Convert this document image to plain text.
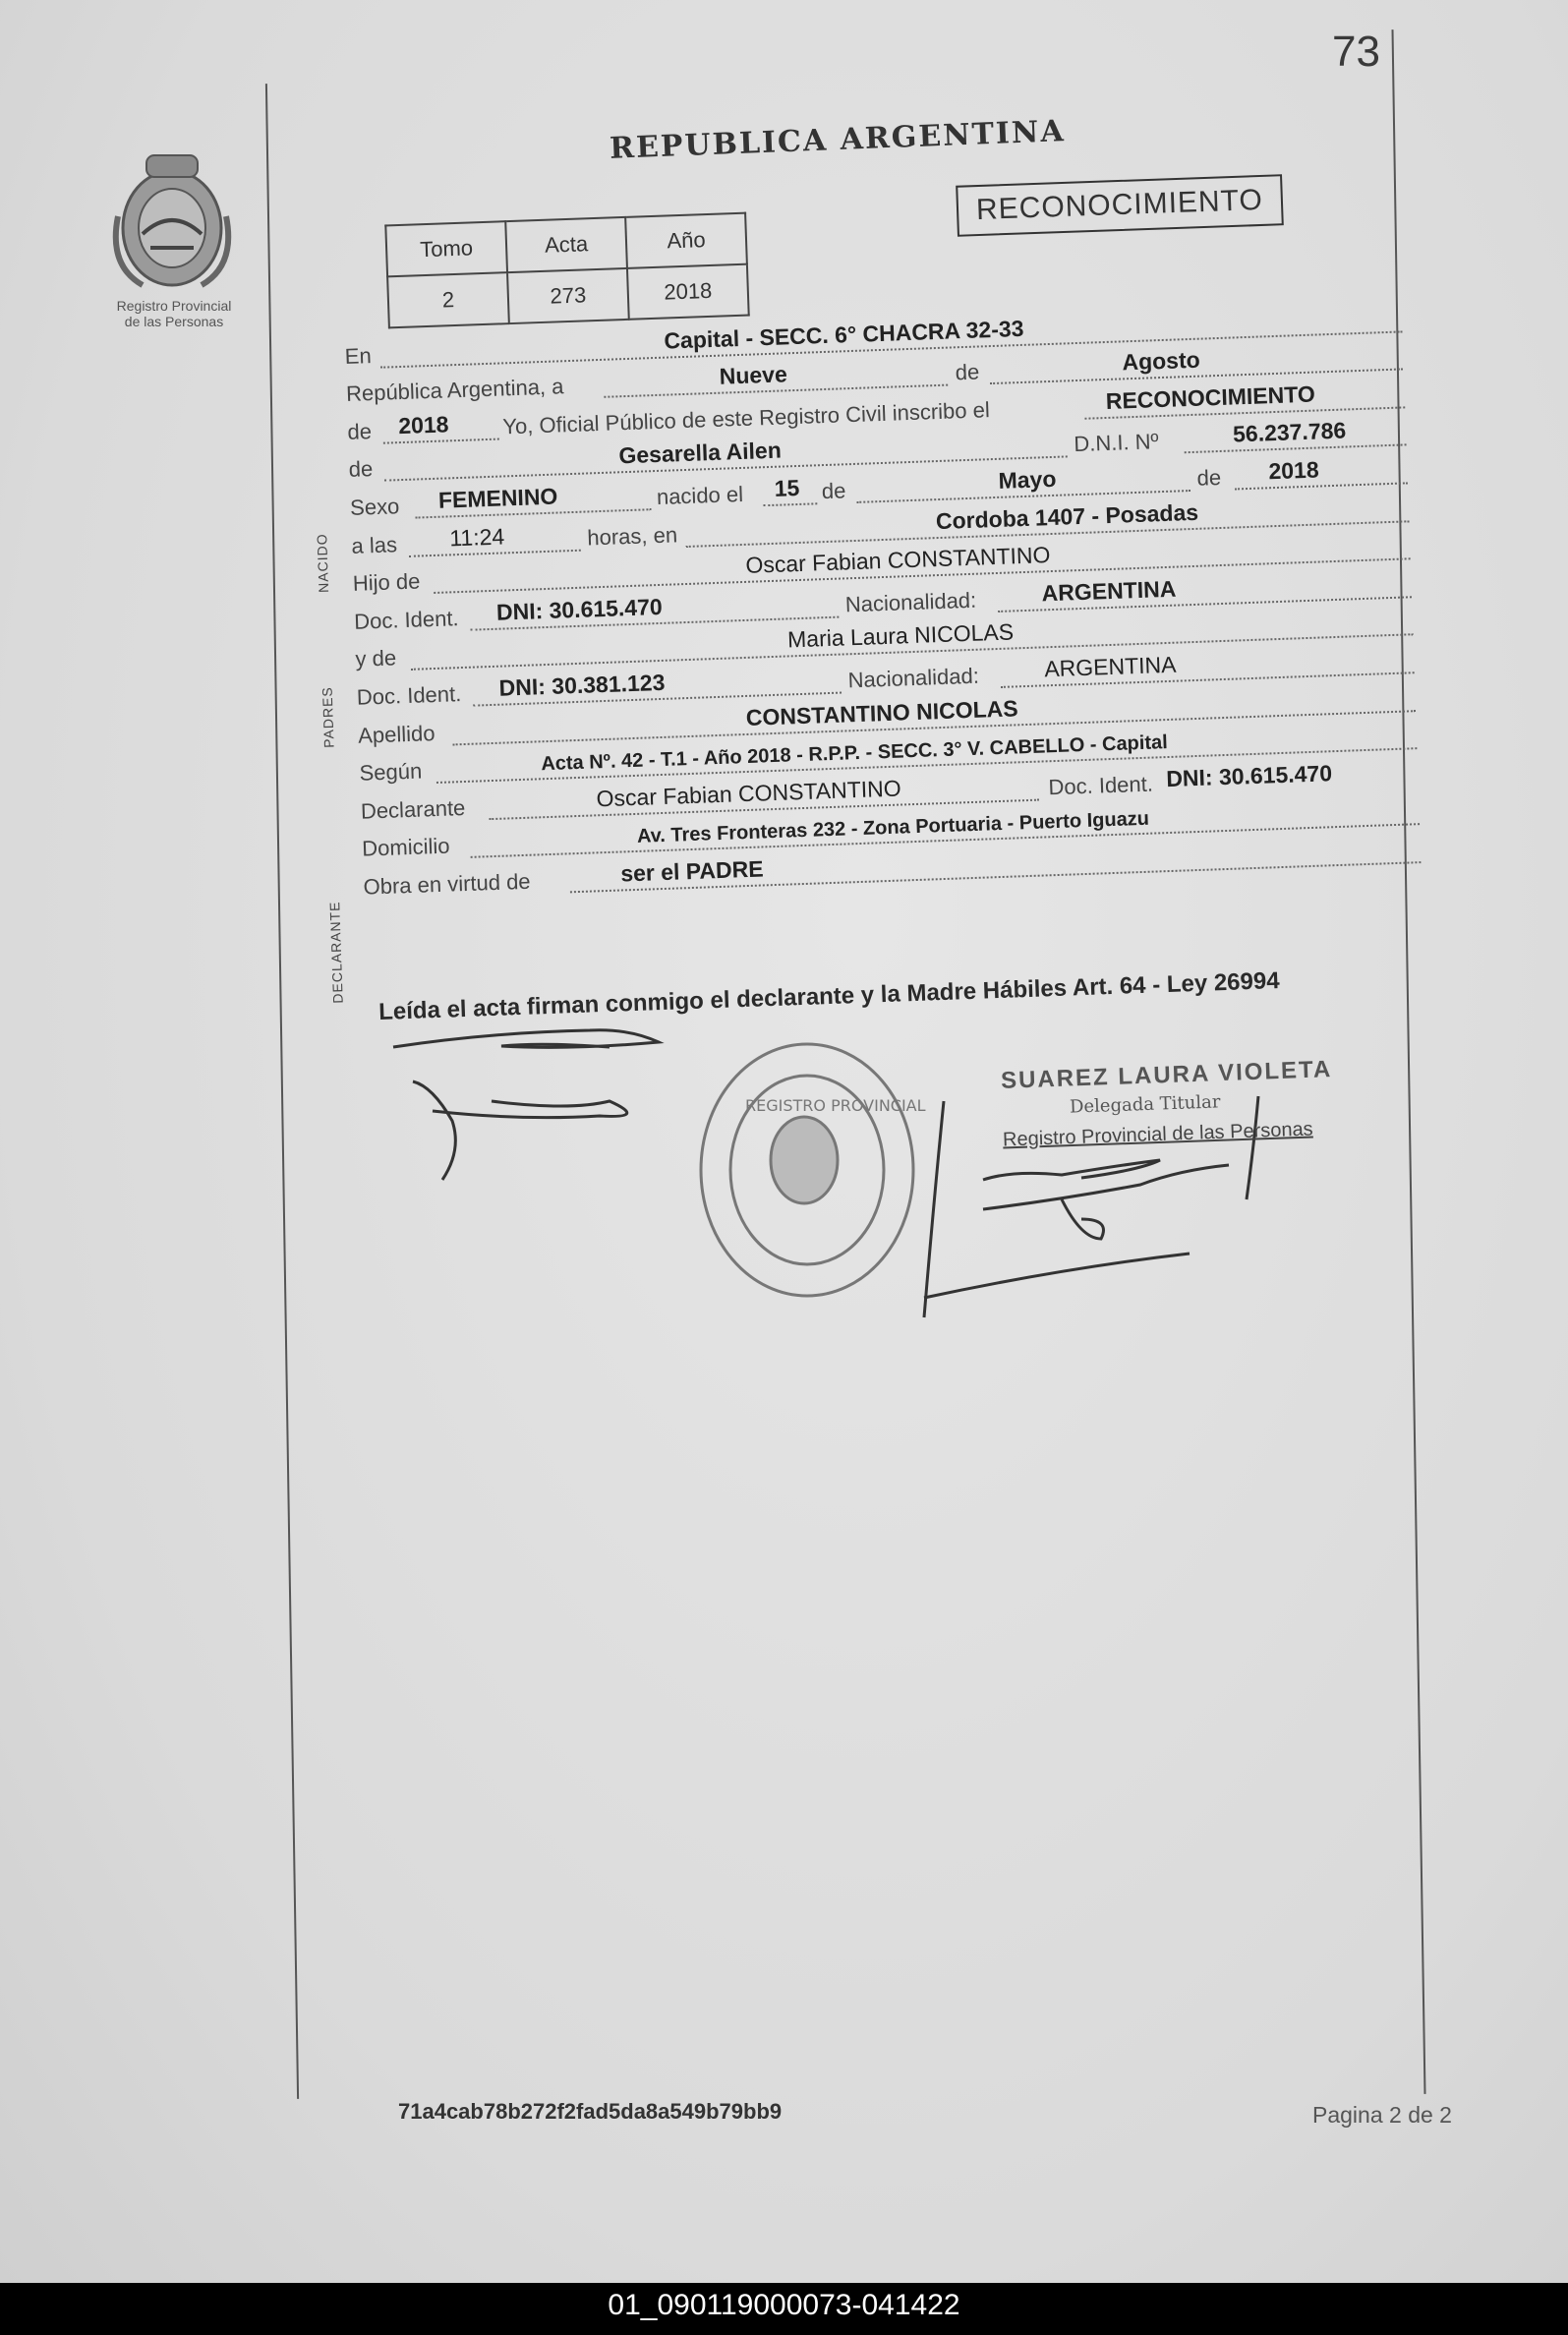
73
Registro Provincial
de las Personas
REPUBLICA ARGENTINA
RECONOCIMIENTO
Tomo	Acta	Año
2	273	2018
En
Capital - SECC. 6° CHACRA 32-33
República Argentina, a	Nueve	de	Agosto
de 2018 Yo, Oficial Público de este Registro Civil inscribo el	RECONOCIMIENTO
de
Gesarella Ailen	D.N.I. Nº	56.237.786
Sexo FEMENINO	nacido el 15 de	Mayo	de 2018
a las 11:24	horas, en
Cordoba 1407 - Posadas
Hijo de
Oscar Fabian CONSTANTINO
Doc. Ident. DNI: 30.615.470	Nacionalidad:	ARGENTINA
y de
Maria Laura NICOLAS
Doc. Ident. DNI: 30.381.123	Nacionalidad:	ARGENTINA
Apellido
CONSTANTINO NICOLAS
Según	Acta Nº. 42 - T.1 - Año 2018 - R.P.P. - SECC. 3° V. CABELLO - Capital
Declarante	Oscar Fabian CONSTANTINO	Doc. Ident. DNI: 30.615.470
Domicilio	Av. Tres Fronteras 232 - Zona Portuaria - Puerto Iguazu
Obra en virtud de	ser el PADRE
NACIDO
PADRES
DECLARANTE Leída el acta firman conmigo el declarante y la Madre Hábiles Art. 64 - Ley 26994
REGISTRO PROVINCIAL
SUAREZ LAURA VIOLETA
Delegada Titular
Registro Provincial de las Personas
71a4cab78b272f2fad5da8a549b79bb9	Pagina 2 de 2
01_090119000073-041422
